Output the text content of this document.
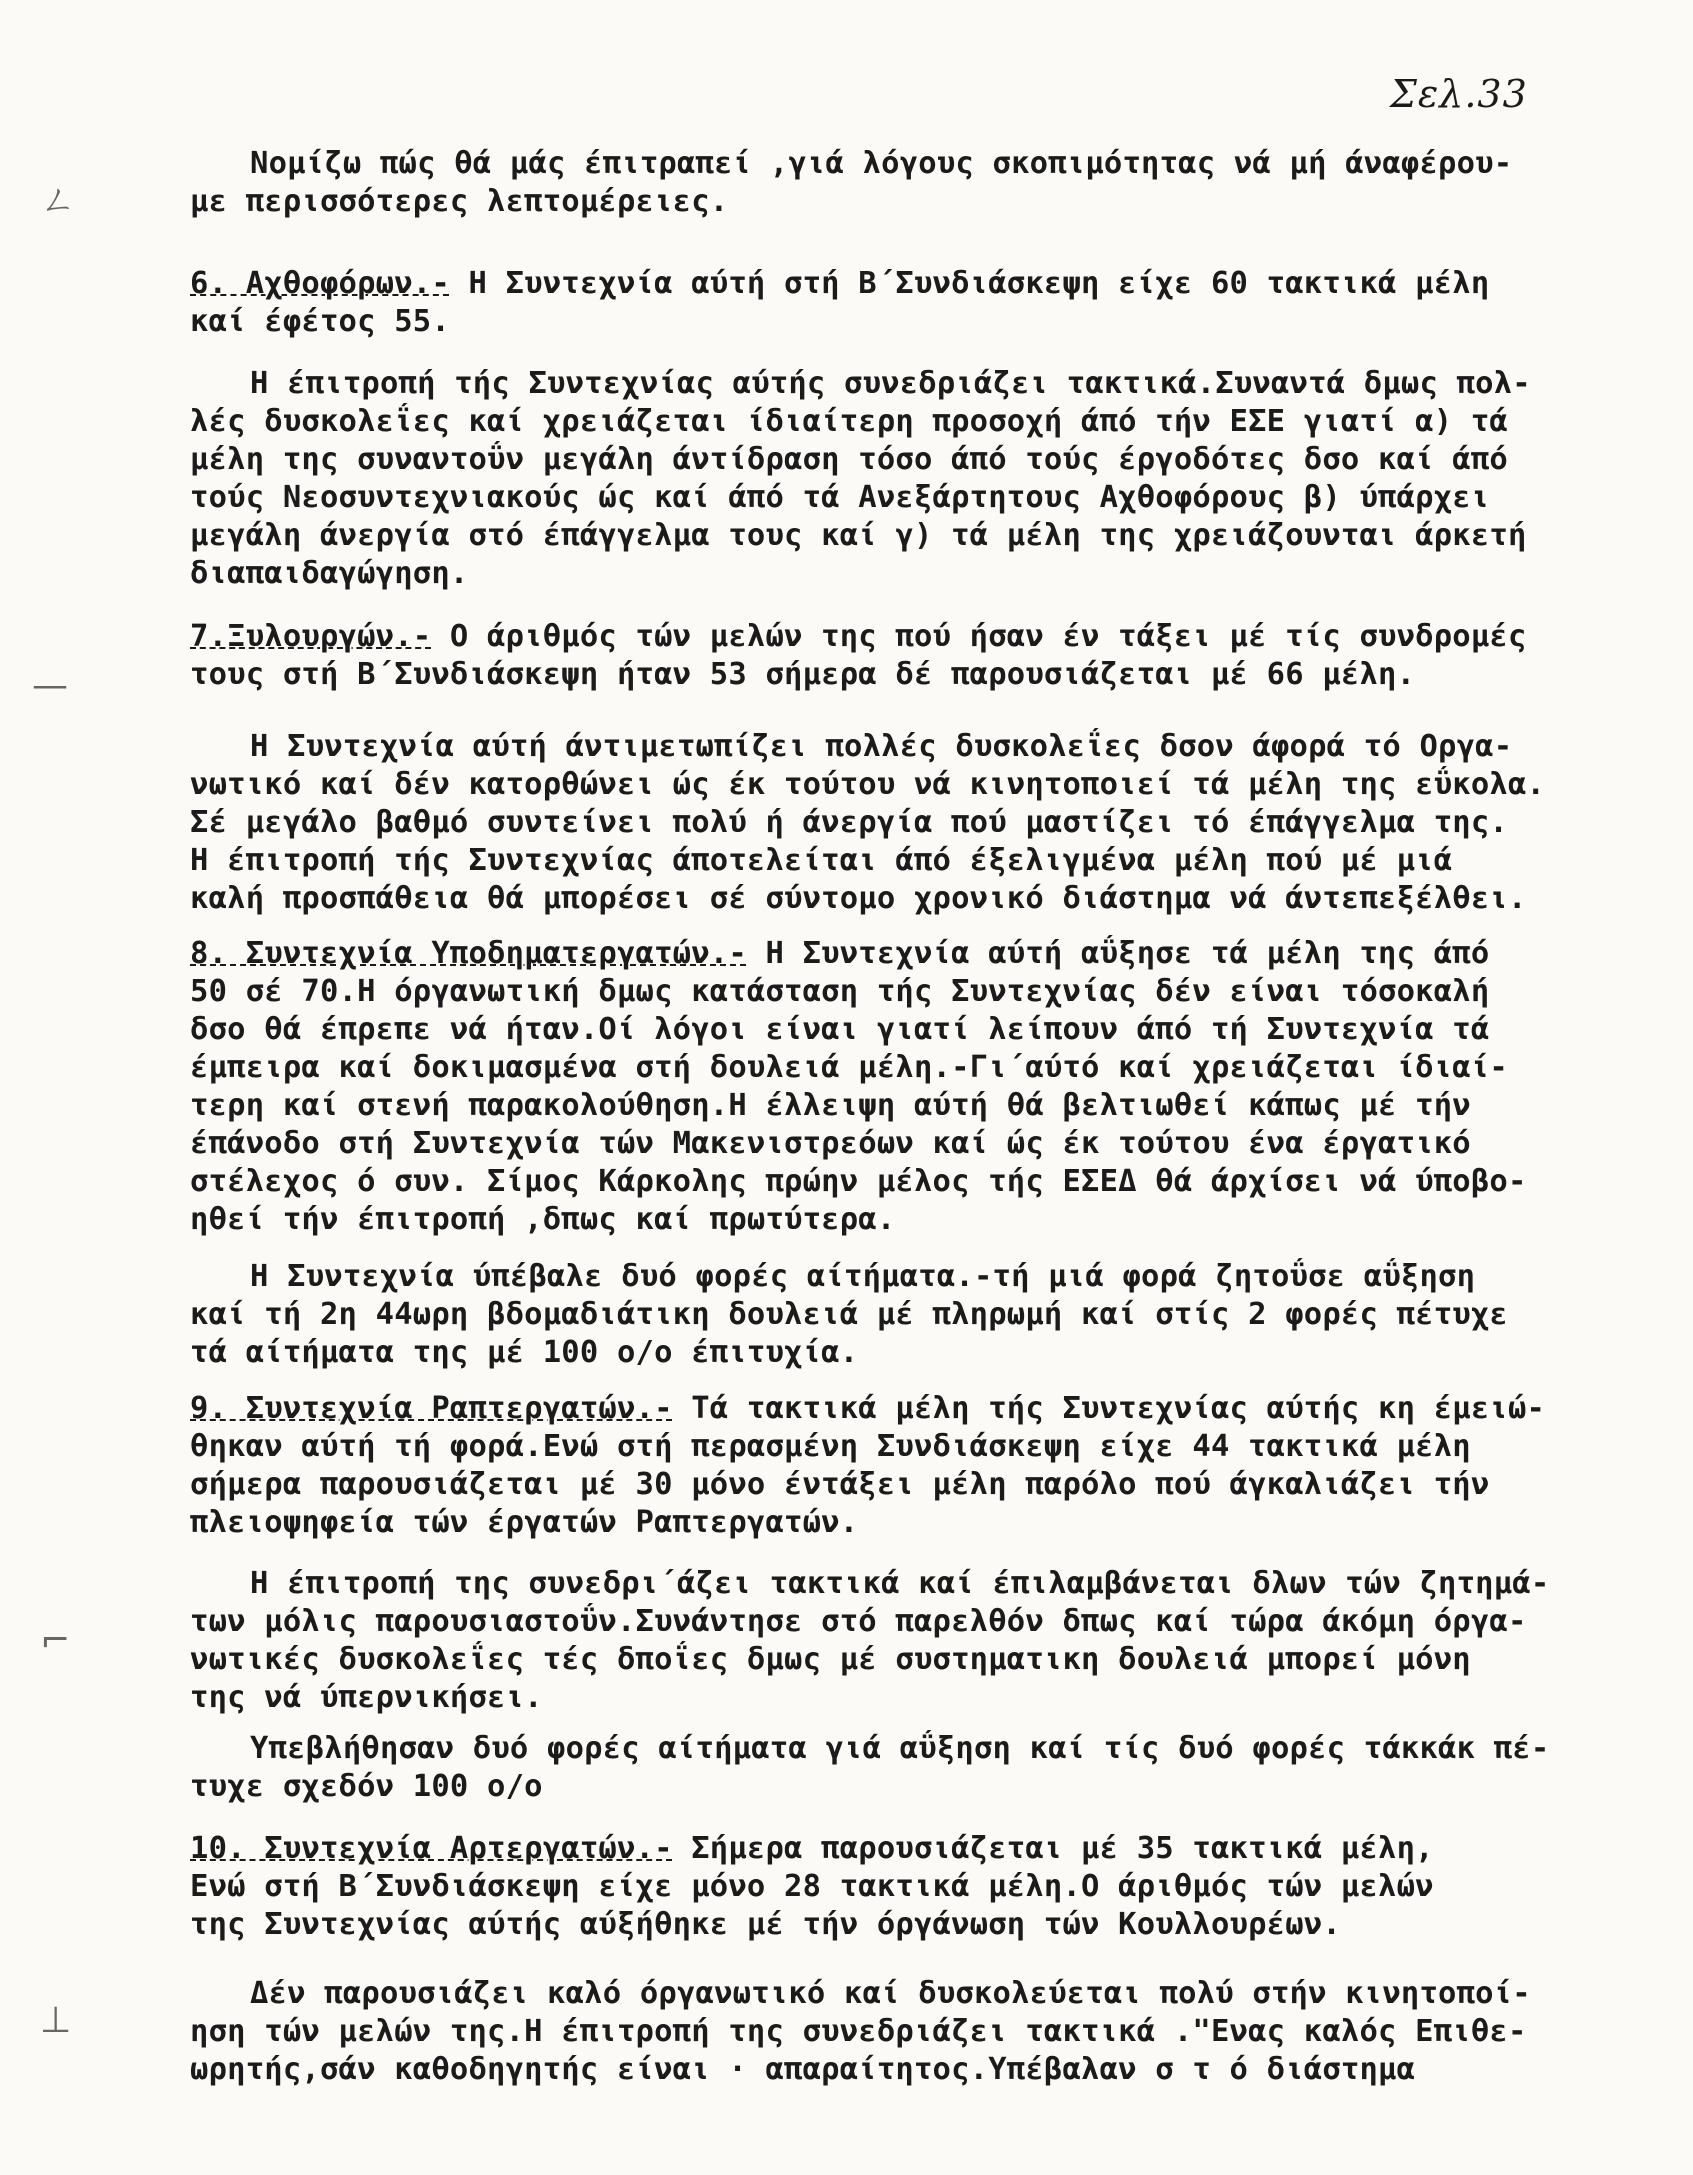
Σελ.33
ㄥ
—
⌐
⊥
Νομίζω πώς θά μάς έπιτραπεί ,γιά λόγους σκοπιμότητας νά μή άναφέρου-
με περισσότερες λεπτομέρειες.
6. Αχθοφόρων.- Η Συντεχνία αύτή στή Β΄Συνδιάσκεψη είχε 60 τακτικά μέλη
καί έφέτος 55.
Η έπιτροπή τής Συντεχνίας αύτής συνεδριάζει τακτικά.Συναντά δμως πολ-
λές δυσκολεΐες καί χρειάζεται ίδιαίτερη προσοχή άπό τήν ΕΣΕ γιατί α) τά
μέλη της συναντοΰν μεγάλη άντίδραση τόσο άπό τούς έργοδότες δσο καί άπό
τούς Νεοσυντεχνιακούς ώς καί άπό τά Ανεξάρτητους Αχθοφόρους β) ύπάρχει
μεγάλη άνεργία στό έπάγγελμα τους καί γ) τά μέλη της χρειάζουνται άρκετή
διαπαιδαγώγηση.
7.Ξυλουργών.- Ο άριθμός τών μελών της πού ήσαν έν τάξει μέ τίς συνδρομές
τους στή Β΄Συνδιάσκεψη ήταν 53 σήμερα δέ παρουσιάζεται μέ 66 μέλη.
Η Συντεχνία αύτή άντιμετωπίζει πολλές δυσκολεΐες δσον άφορά τό Οργα-
νωτικό καί δέν κατορθώνει ώς έκ τούτου νά κινητοποιεί τά μέλη της εΰκολα.
Σέ μεγάλο βαθμό συντείνει πολύ ή άνεργία πού μαστίζει τό έπάγγελμα της.
Η έπιτροπή τής Συντεχνίας άποτελείται άπό έξελιγμένα μέλη πού μέ μιά
καλή προσπάθεια θά μπορέσει σέ σύντομο χρονικό διάστημα νά άντεπεξέλθει.
8. Συντεχνία Υποδηματεργατών.- Η Συντεχνία αύτή αΰξησε τά μέλη της άπό
50 σέ 70.Η όργανωτική δμως κατάσταση τής Συντεχνίας δέν είναι τόσοκαλή
δσο θά έπρεπε νά ήταν.Οί λόγοι είναι γιατί λείπουν άπό τή Συντεχνία τά
έμπειρα καί δοκιμασμένα στή δουλειά μέλη.-Γι΄αύτό καί χρειάζεται ίδιαί-
τερη καί στενή παρακολούθηση.Η έλλειψη αύτή θά βελτιωθεί κάπως μέ τήν
έπάνοδο στή Συντεχνία τών Μακενιστρεόων καί ώς έκ τούτου ένα έργατικό
στέλεχος ό συν. Σίμος Κάρκολης πρώην μέλος τής ΕΣΕΔ θά άρχίσει νά ύποβο-
ηθεί τήν έπιτροπή ,δπως καί πρωτύτερα.
Η Συντεχνία ύπέβαλε δυό φορές αίτήματα.-τή μιά φορά ζητοΰσε αΰξηση
καί τή 2η 44ωρη βδομαδιάτικη δουλειά μέ πληρωμή καί στίς 2 φορές πέτυχε
τά αίτήματα της μέ 100 ο/ο έπιτυχία.
9. Συντεχνία Ραπτεργατών.- Τά τακτικά μέλη τής Συντεχνίας αύτής κη έμειώ-
θηκαν αύτή τή φορά.Ενώ στή περασμένη Συνδιάσκεψη είχε 44 τακτικά μέλη
σήμερα παρουσιάζεται μέ 30 μόνο έντάξει μέλη παρόλο πού άγκαλιάζει τήν
πλειοψηφεία τών έργατών Ραπτεργατών.
Η έπιτροπή της συνεδρι΄άζει τακτικά καί έπιλαμβάνεται δλων τών ζητημά-
των μόλις παρουσιαστοΰν.Συνάντησε στό παρελθόν δπως καί τώρα άκόμη όργα-
νωτικές δυσκολεΐες τές δποΐες δμως μέ συστηματικη δουλειά μπορεί μόνη
της νά ύπερνικήσει.
Υπεβλήθησαν δυό φορές αίτήματα γιά αΰξηση καί τίς δυό φορές τάκκάκ πέ-
τυχε σχεδόν 100 ο/ο
10. Συντεχνία Αρτεργατών.- Σήμερα παρουσιάζεται μέ 35 τακτικά μέλη,
Ενώ στή Β΄Συνδιάσκεψη είχε μόνο 28 τακτικά μέλη.Ο άριθμός τών μελών
της Συντεχνίας αύτής αύξήθηκε μέ τήν όργάνωση τών Κουλλουρέων.
Δέν παρουσιάζει καλό όργανωτικό καί δυσκολεύεται πολύ στήν κινητοποί-
ηση τών μελών της.Η έπιτροπή της συνεδριάζει τακτικά ."Ενας καλός Επιθε-
ωρητής,σάν καθοδηγητής είναι · απαραίτητος.Υπέβαλαν σ τ ό διάστημα
